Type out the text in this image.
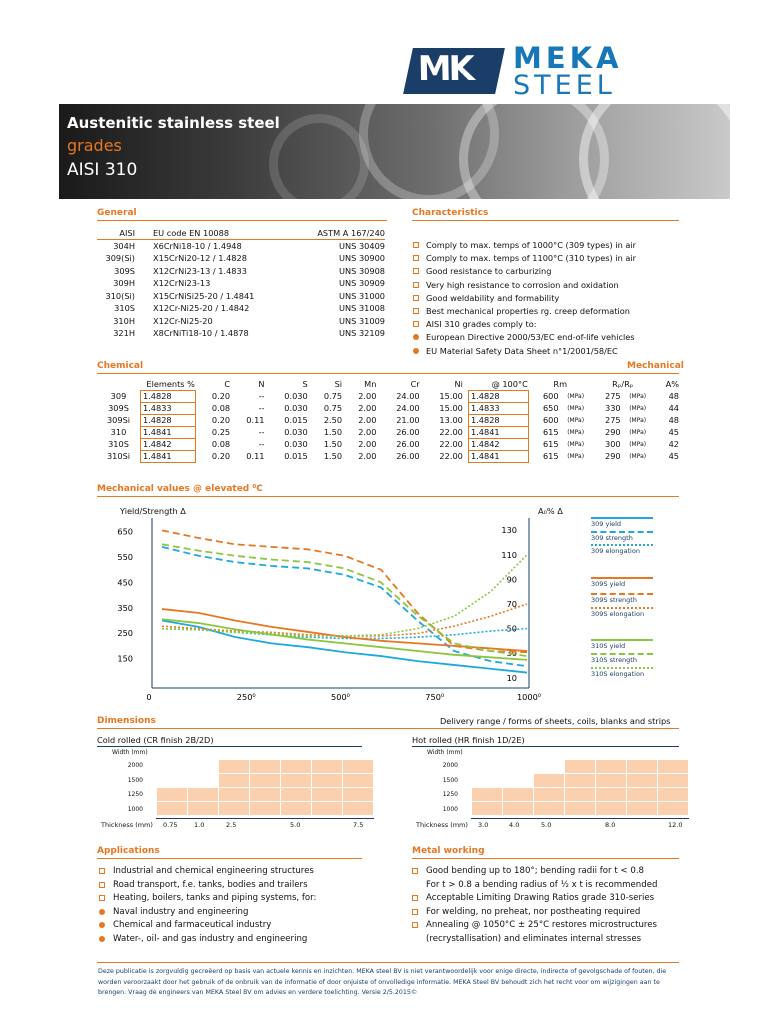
MK MEKA
STEEL
Austenitic stainless steel
grades
AISI 310
General
AISI	EU code EN 10088	ASTM A 167/240
304H	X6CrNi18-10 / 1.4948	UNS 30409
309(Si)	X15CrNi20-12 / 1.4828	UNS 30900
309S	X12CrNi23-13 / 1.4833	UNS 30908
309H	X12CrNi23-13	UNS 30909
310(Si)	X15CrNiSi25-20 / 1.4841	UNS 31000
310S	X12Cr-Ni25-20 / 1.4842	UNS 31008
310H	X12Cr-Ni25-20	UNS 31009
321H	X8CrNiTi18-10 / 1.4878	UNS 32109
Characteristics
Comply to max. temps of 1000°C (309 types) in air
Comply to max. temps of 1100°C (310 types) in air
Good resistance to carburizing
Very high resistance to corrosion and oxidation
Good weldability and formability
Best mechanical properties rg. creep deformation
AISI 310 grades comply to:
European Directive 2000/53/EC end-of-life vehicles
EU Material Safety Data Sheet n°1/2001/58/EC
Chemical	Mechanical
Elements %		C	N	S	Si	Mn	Cr	Ni	@ 100°C		Rm		Rₚ/Rₚ		A%
309	1.4828	0.20	--	0.030	0.75	2.00	24.00	15.00		1.4828	600	(MPa)	275	(MPa)	48
309S	1.4833	0.08	--	0.030	0.75	2.00	24.00	15.00		1.4833	650	(MPa)	330	(MPa)	44
309Si	1.4828	0.20	0.11	0.015	2.50	2.00	21.00	13.00		1.4828	600	(MPa)	275	(MPa)	48
310	1.4841	0.25	--	0.030	1.50	2.00	26.00	22.00		1.4841	615	(MPa)	290	(MPa)	45
310S	1.4842	0.08	--	0.030	1.50	2.00	26.00	22.00		1.4842	615	(MPa)	300	(MPa)	42
310Si	1.4841	0.20	0.11	0.015	1.50	2.00	26.00	22.00		1.4841	615	(MPa)	290	(MPa)	45
Mechanical values @ elevated ⁰C
Yield/Strength Δ	A₀% Δ
650
550
450
350
250
150
130
110
90
70
50
30
10
0	250⁰	500⁰	750⁰	1000⁰
309 yield
309 strength
309 elongation
309S yield
309S strength
309S elongation
310S yield
310S strength
310S elongation
Dimensions	Delivery range / forms of sheets, coils, blanks and strips
Cold rolled (CR finish 2B/2D)
Width (mm)
2000
1500
1250
1000

Thickness (mm) 0.75	1.0	2.5	5.0	7.5
Hot rolled (HR finish 1D/2E)
Width (mm)
2000
1500
1250
1000

Thickness (mm) 3.0	4.0	5.0	8.0	12.0
Applications
Industrial and chemical engineering structures
Road transport, f.e. tanks, bodies and trailers
Heating, boilers, tanks and piping systems, for:
Naval industry and engineering
Chemical and farmaceutical industry
Water-, oil- and gas industry and engineering
Metal working
Good bending up to 180°; bending radii for t < 0.8
For t > 0.8 a bending radius of ½ x t is recommended
Acceptable Limiting Drawing Ratios grade 310-series
For welding, no preheat, nor postheating required
Annealing @ 1050°C ± 25°C restores microstructures
(recrystallisation) and eliminates internal stresses
Deze publicatie is zorgvuldig gecreëerd op basis van actuele kennis en inzichten. MEKA steel BV is niet verantwoordelijk voor enige directe, indirecte of gevolgschade of fouten, die worden veroorzaakt door het gebruik of de onbruik van de informatie of door onjuiste of onvolledige informatie. MEKA Steel BV behoudt zich het recht voor om wijzigingen aan te brengen. Vraag de engineers van MEKA Steel BV om advies en verdere toelichting. Versie 2/5.2015©
